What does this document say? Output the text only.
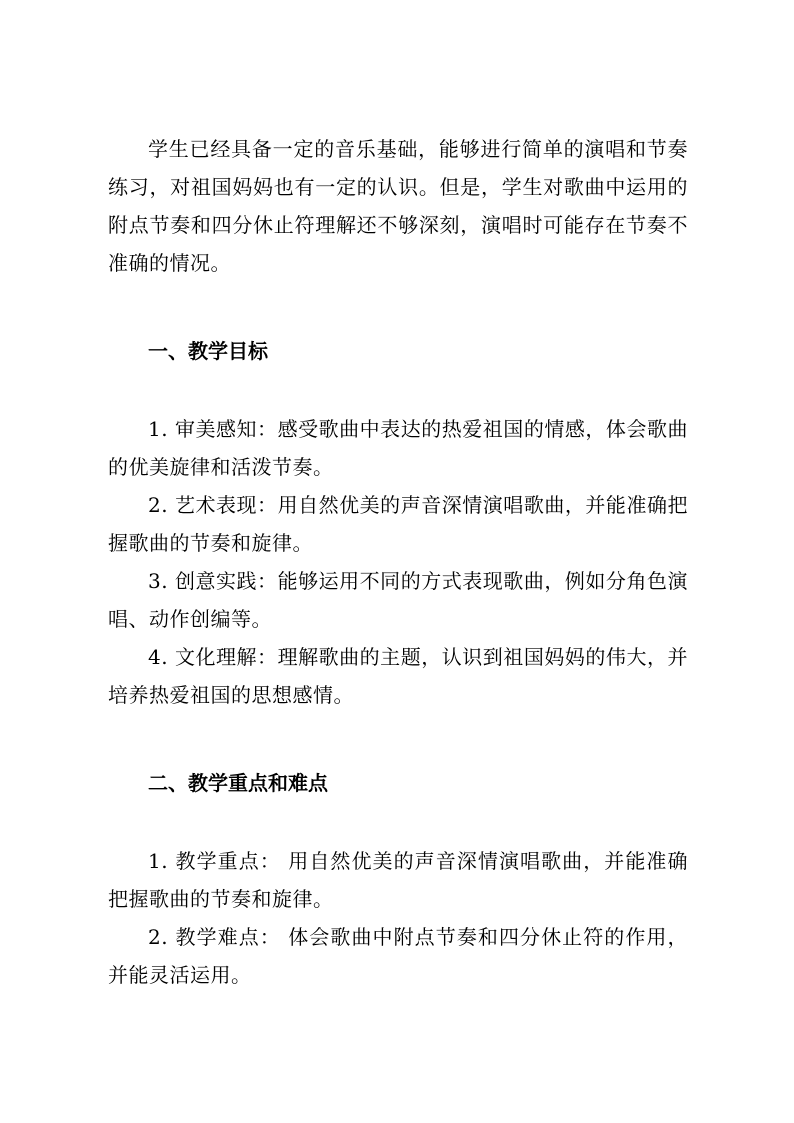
学生已经具备一定的音乐基础，能够进行简单的演唱和节奏练习，对祖国妈妈也有一定的认识。但是，学生对歌曲中运用的附点节奏和四分休止符理解还不够深刻，演唱时可能存在节奏不准确的情况。

一、教学目标

1. 审美感知：感受歌曲中表达的热爱祖国的情感，体会歌曲的优美旋律和活泼节奏。

2. 艺术表现：用自然优美的声音深情演唱歌曲，并能准确把握歌曲的节奏和旋律。

3. 创意实践：能够运用不同的方式表现歌曲，例如分角色演唱、动作创编等。

4. 文化理解：理解歌曲的主题，认识到祖国妈妈的伟大，并培养热爱祖国的思想感情。

二、教学重点和难点

1. 教学重点： 用自然优美的声音深情演唱歌曲，并能准确把握歌曲的节奏和旋律。

2. 教学难点： 体会歌曲中附点节奏和四分休止符的作用，并能灵活运用。
